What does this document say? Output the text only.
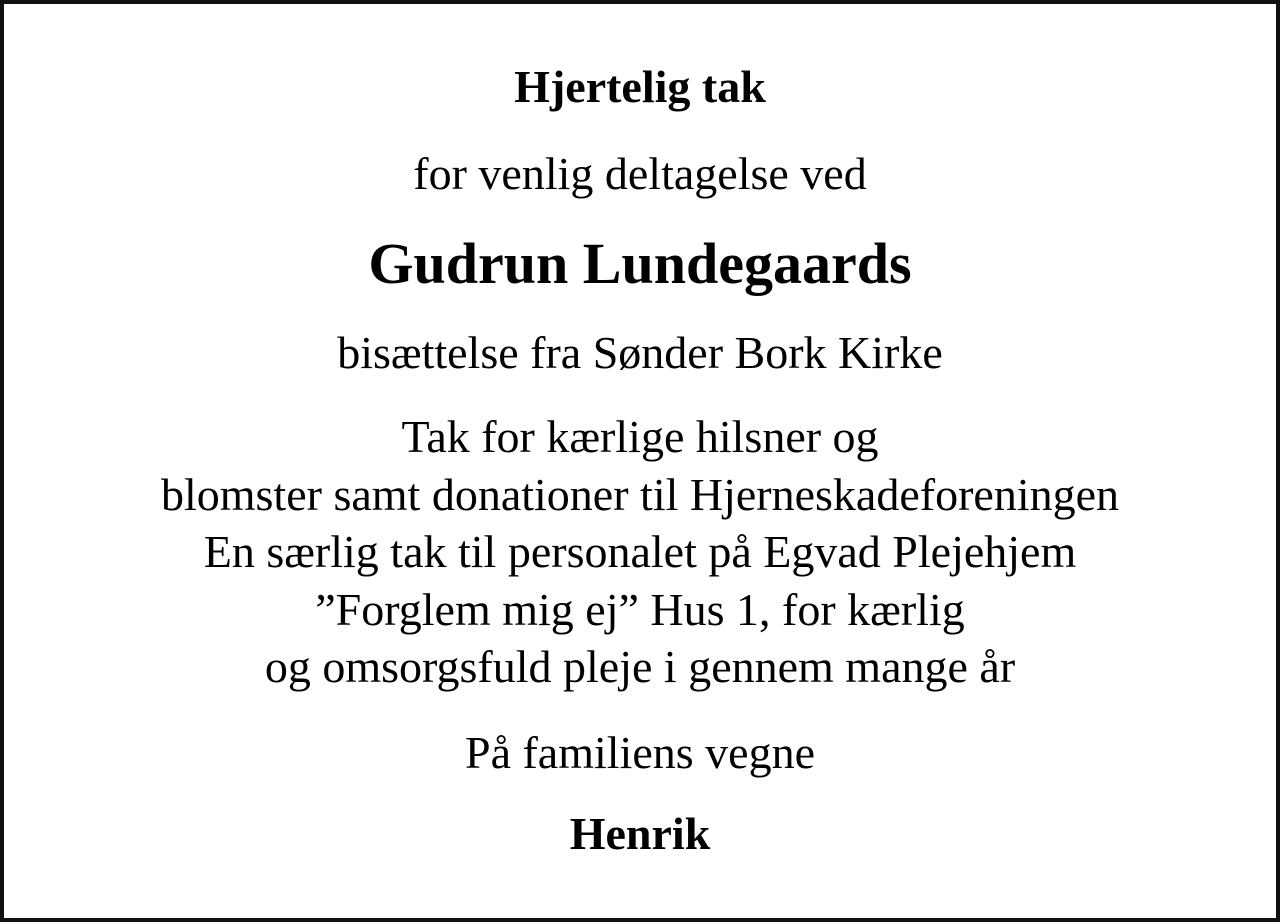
Hjertelig tak
for venlig deltagelse ved
Gudrun Lundegaards
bisættelse fra Sønder Bork Kirke
Tak for kærlige hilsner og
blomster samt donationer til Hjerneskadeforeningen
En særlig tak til personalet på Egvad Plejehjem
”Forglem mig ej” Hus 1, for kærlig
og omsorgsfuld pleje i gennem mange år
På familiens vegne
Henrik
